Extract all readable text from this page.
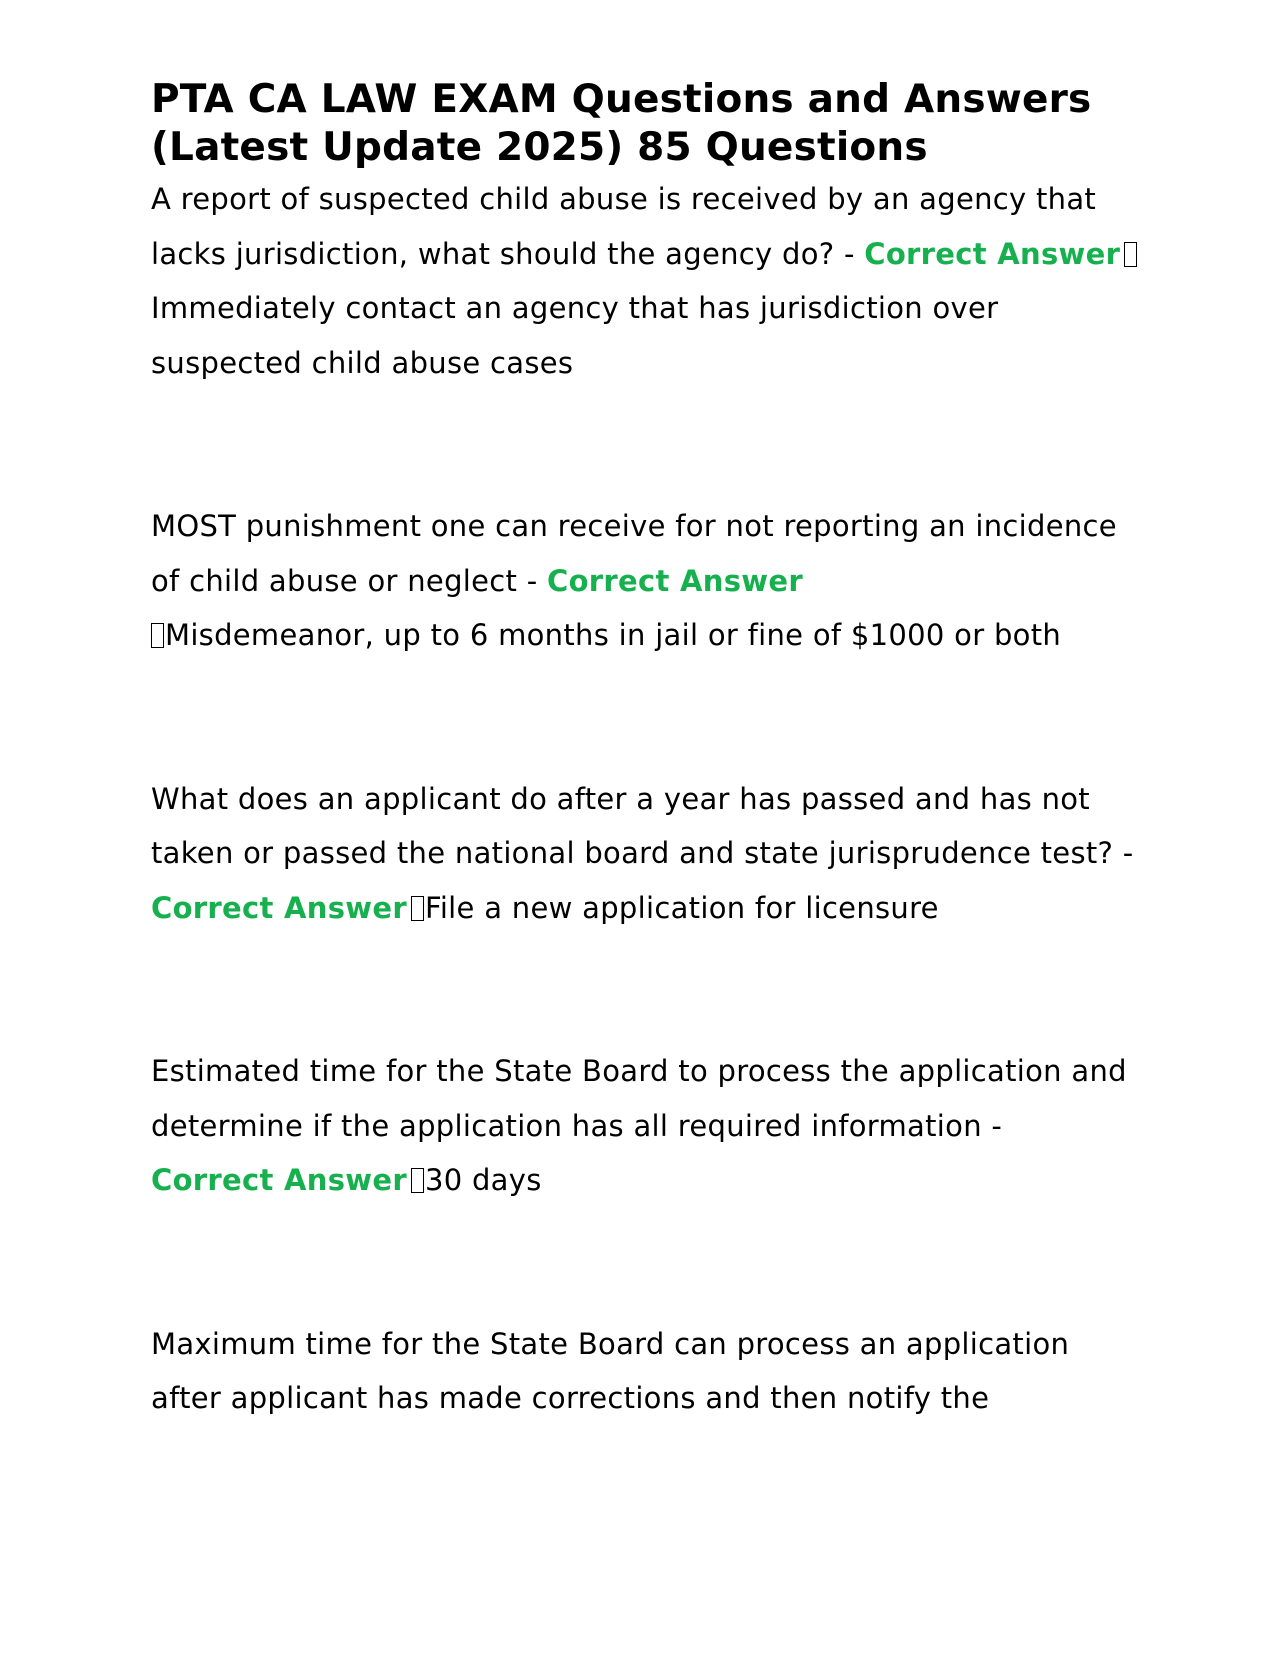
PTA CA LAW EXAM Questions and Answers (Latest Update 2025) 85 Questions

A report of suspected child abuse is received by an agency that lacks jurisdiction, what should the agency do? - Correct AnswerImmediately contact an agency that has jurisdiction over suspected child abuse cases

MOST punishment one can receive for not reporting an incidence of child abuse or neglect - Correct Answer
Misdemeanor, up to 6 months in jail or fine of $1000 or both

What does an applicant do after a year has passed and has not taken or passed the national board and state jurisprudence test? - Correct Answer File a new application for licensure

Estimated time for the State Board to process the application and determine if the application has all required information -
Correct Answer 30 days

Maximum time for the State Board can process an application after applicant has made corrections and then notify the
